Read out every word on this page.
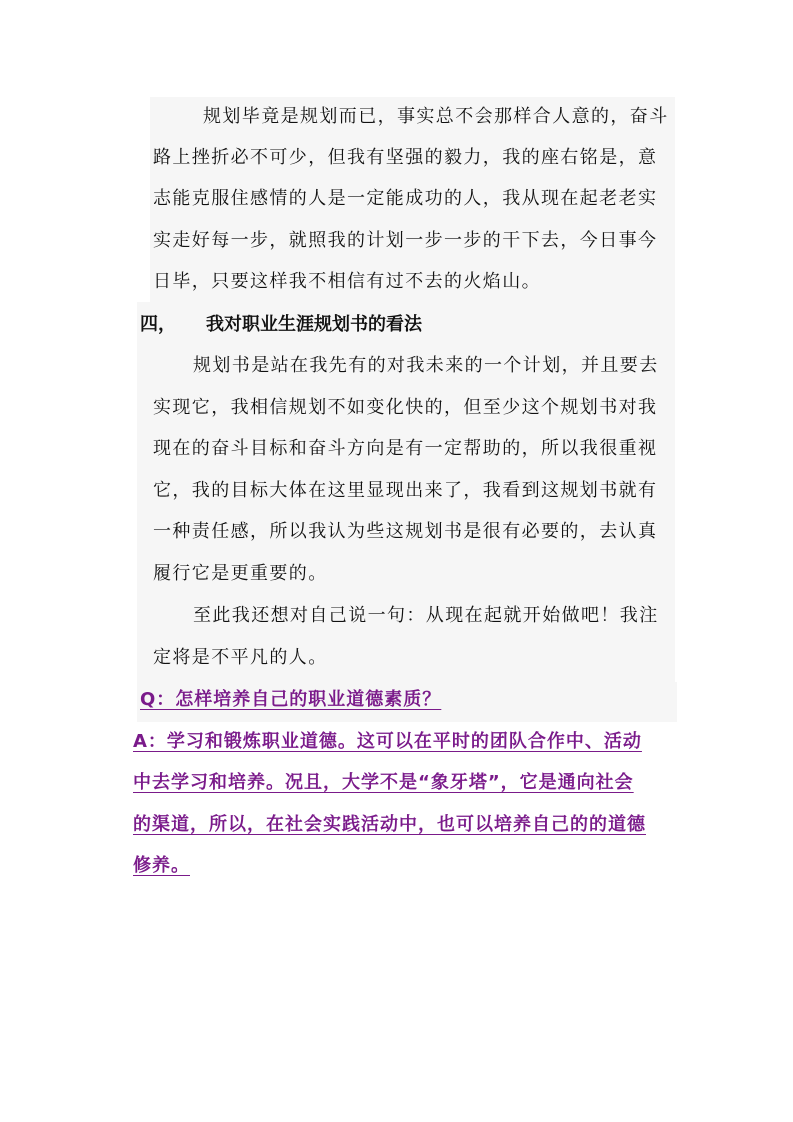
规划毕竟是规划而已，事实总不会那样合人意的，奋斗
路上挫折必不可少，但我有坚强的毅力，我的座右铭是，意
志能克服住感情的人是一定能成功的人，我从现在起老老实
实走好每一步，就照我的计划一步一步的干下去，今日事今
日毕，只要这样我不相信有过不去的火焰山。
四， 我对职业生涯规划书的看法
规划书是站在我先有的对我未来的一个计划，并且要去
实现它，我相信规划不如变化快的，但至少这个规划书对我
现在的奋斗目标和奋斗方向是有一定帮助的，所以我很重视
它，我的目标大体在这里显现出来了，我看到这规划书就有
一种责任感，所以我认为些这规划书是很有必要的，去认真
履行它是更重要的。
至此我还想对自己说一句：从现在起就开始做吧！我注
定将是不平凡的人。
Q：怎样培养自己的职业道德素质？
A：学习和锻炼职业道德。这可以在平时的团队合作中、活动
中去学习和培养。况且，大学不是“象牙塔”，它是通向社会
的渠道，所以，在社会实践活动中，也可以培养自己的的道德
修养。
